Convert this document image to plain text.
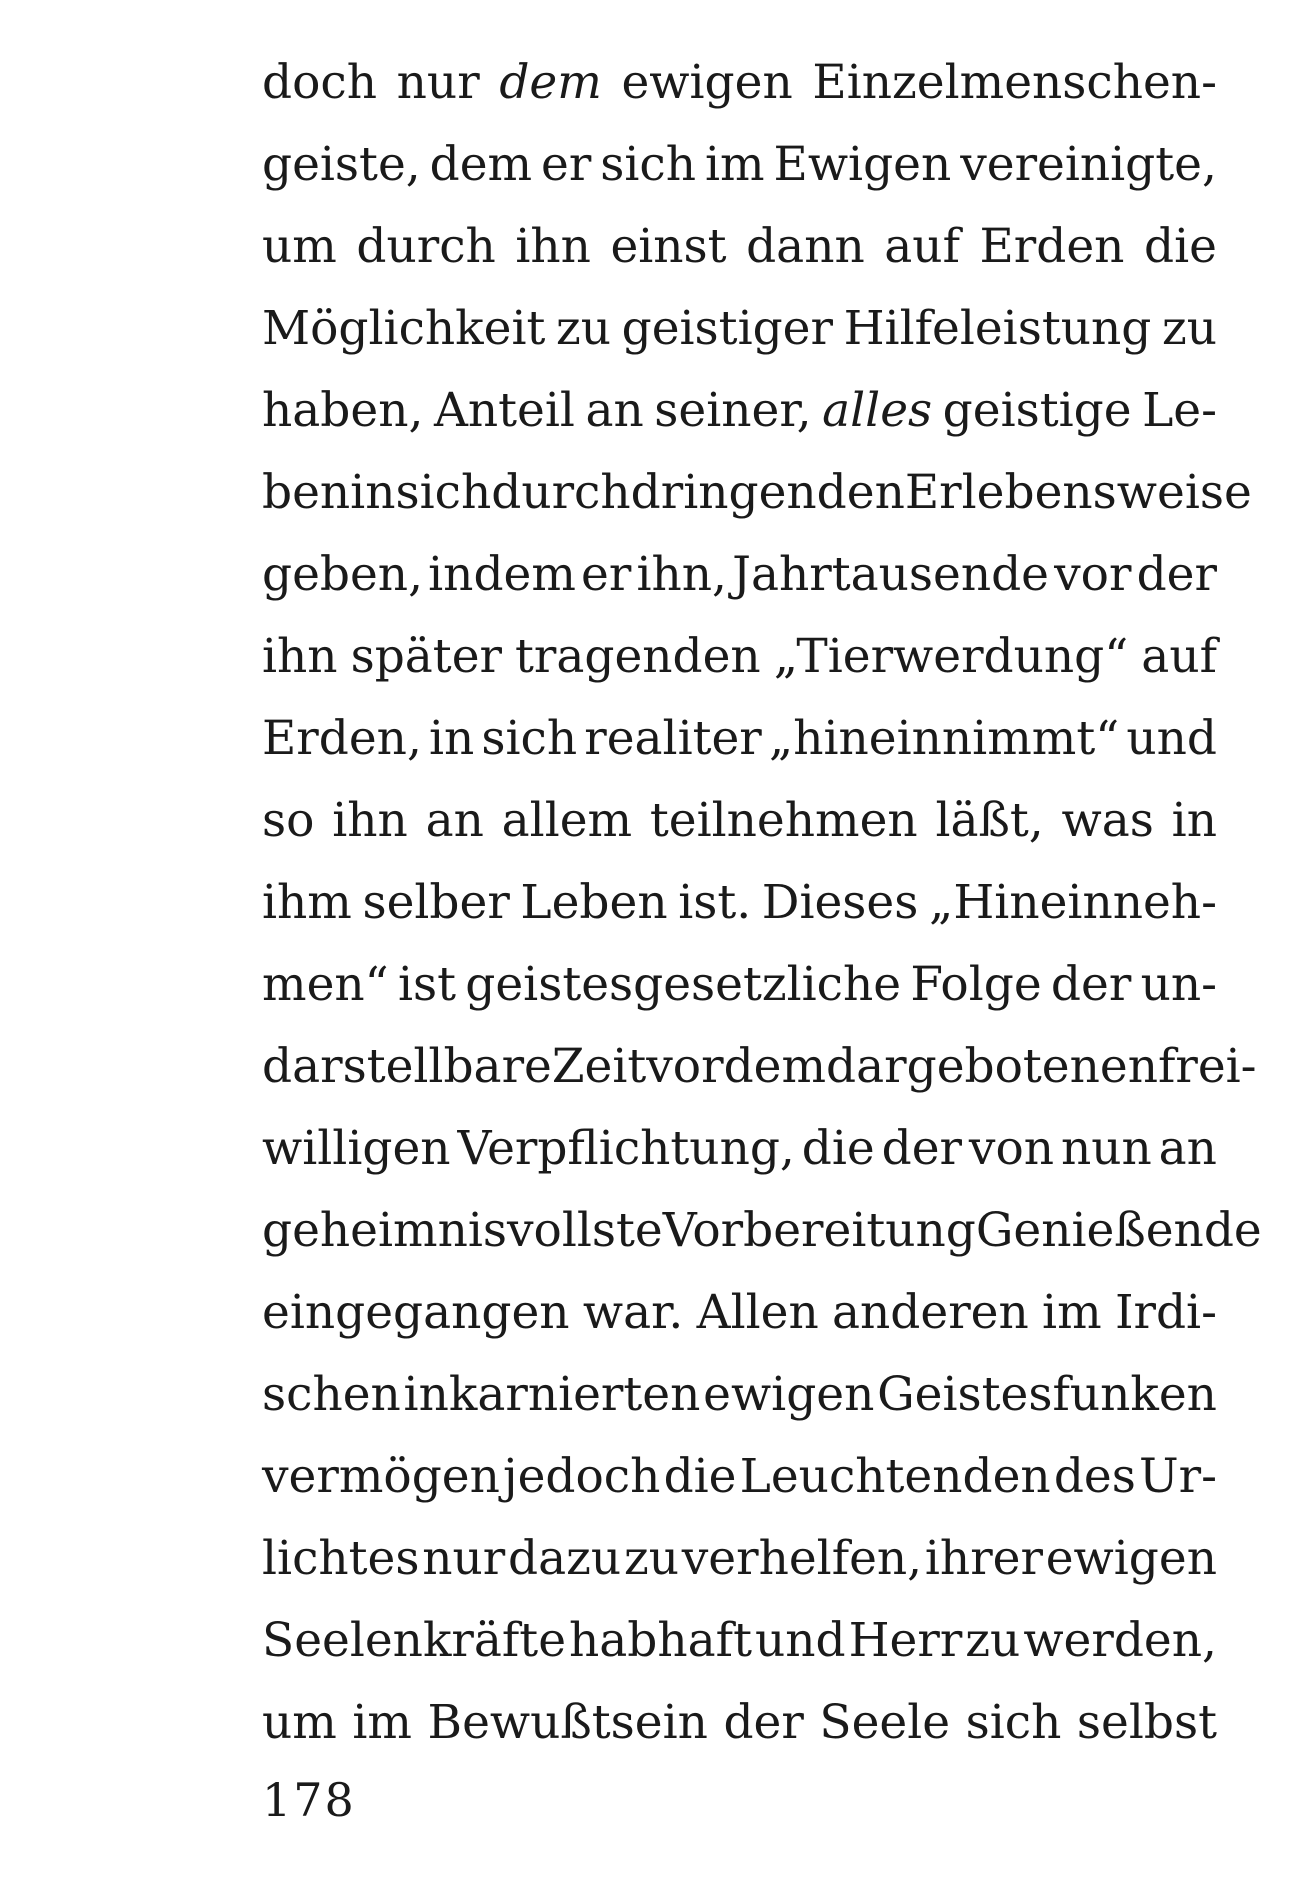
doch nur dem ewigen Einzelmenschen-
geiste, dem er sich im Ewigen vereinigte,
um durch ihn einst dann auf Erden die
Möglichkeit zu geistiger Hilfeleistung zu
haben, Anteil an seiner, alles geistige Le-
ben in sich durchdringenden Erlebensweise
geben, indem er ihn, Jahrtausende vor der
ihn später tragenden „Tierwerdung“ auf
Erden, in sich realiter „hineinnimmt“ und
so ihn an allem teilnehmen läßt, was in
ihm selber Leben ist. Dieses „Hineinneh-
men“ ist geistesgesetzliche Folge der un-
darstellbare Zeit vordem dargebotenen frei-
willigen Verpflichtung, die der von nun an
geheimnisvollste Vorbereitung Genießende
eingegangen war. Allen anderen im Irdi-
schen inkarnierten ewigen Geistesfunken
vermögen jedoch die Leuchtenden des Ur-
lichtes nur dazu zu verhelfen, ihrer ewigen
Seelenkräfte habhaft und Herr zu werden,
um im Bewußtsein der Seele sich selbst
178
